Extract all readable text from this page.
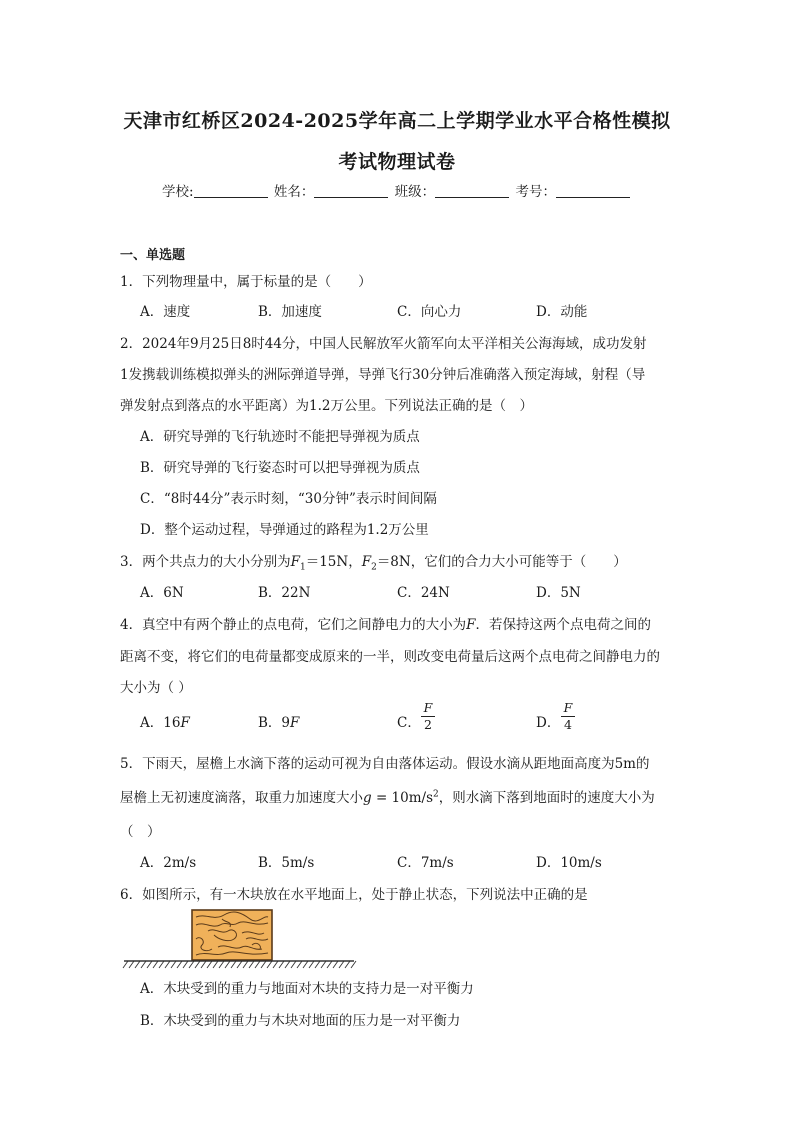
天津市红桥区2024-2025学年高二上学期学业水平合格性模拟
考试物理试卷
学校:	姓名：	班级：	考号：
一、单选题
1．下列物理量中，属于标量的是（　　）
A．速度	B．加速度	C．向心力	D．动能
2．2024年9月25日8时44分，中国人民解放军火箭军向太平洋相关公海海域，成功发射
1发携载训练模拟弹头的洲际弹道导弹，导弹飞行30分钟后准确落入预定海域，射程（导
弹发射点到落点的水平距离）为1.2万公里。下列说法正确的是（　）
A．研究导弹的飞行轨迹时不能把导弹视为质点
B．研究导弹的飞行姿态时可以把导弹视为质点
C．“8时44分”表示时刻，“30分钟”表示时间间隔
D．整个运动过程，导弹通过的路程为1.2万公里
3．两个共点力的大小分别为$F_1=15N$，$F_2=8N$，它们的合力大小可能等于（　　）
A．6N	B．22N	C．24N	D．5N
4．真空中有两个静止的点电荷，它们之间静电力的大小为F．若保持这两个点电荷之间的
距离不变，将它们的电荷量都变成原来的一半，则改变电荷量后这两个点电荷之间静电力的
大小为（ ）
A．16F	B．9F	C． $\frac{F}{2}$	D． $\frac{F}{4}$
5．下雨天，屋檐上水滴下落的运动可视为自由落体运动。假设水滴从距地面高度为5m的
屋檐上无初速度滴落，取重力加速度大小$g = 10m/s^2$，则水滴下落到地面时的速度大小为
（　）
A．2m/s	B．5m/s	C．7m/s	D．10m/s
6．如图所示，有一木块放在水平地面上，处于静止状态，下列说法中正确的是
A．木块受到的重力与地面对木块的支持力是一对平衡力
B．木块受到的重力与木块对地面的压力是一对平衡力
